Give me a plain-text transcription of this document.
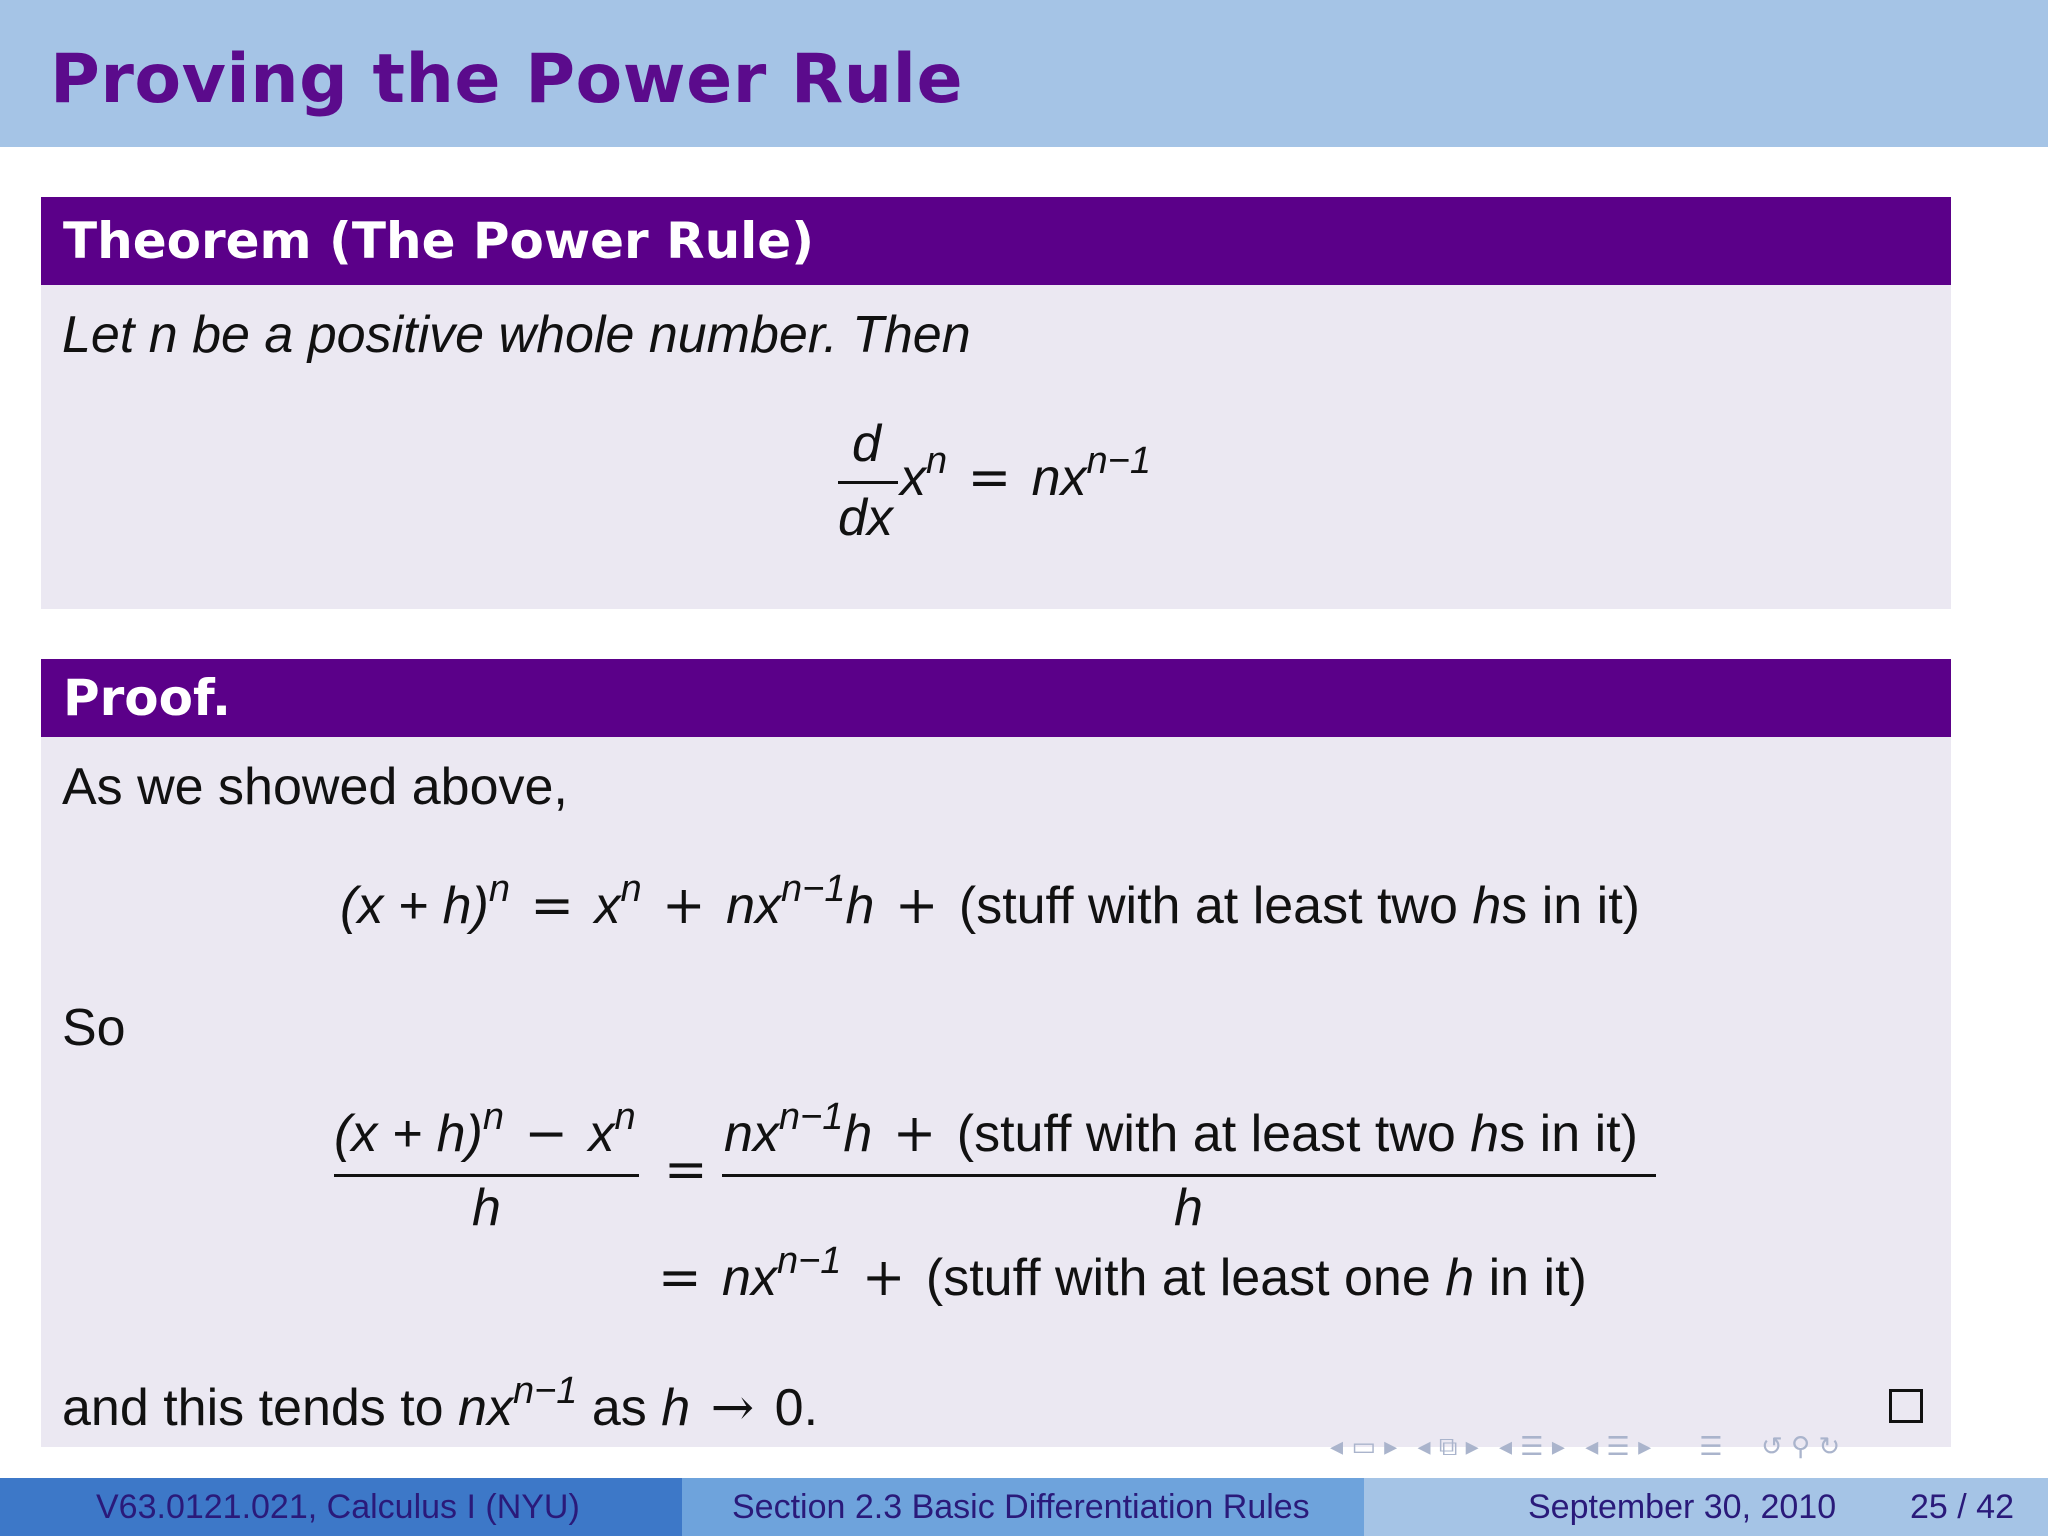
Proving the Power Rule
Theorem (The Power Rule)
Let n be a positive whole number. Then
d
dx
$x^n = nx^{n-1}$
Proof.
As we showed above,
$(x + h)^n = x^n + nx^{n-1}h$ + (stuff with at least two hs in it)
So
$(x + h)^n - x^n$
h
=
$nx^{n-1}h$ + (stuff with at least two hs in it)
h
= $nx^{n-1}$ + (stuff with at least one h in it)
and this tends to $nx^{n-1}$ as h → 0.
◂ ▭ ▸ ◂ ⧉ ▸ ◂ ☰ ▸ ◂ ☰ ▸ ☰ ↺ ⚲ ↻
V63.0121.021, Calculus I (NYU)	Section 2.3 Basic Differentiation Rules	September 30, 2010 25 / 42
